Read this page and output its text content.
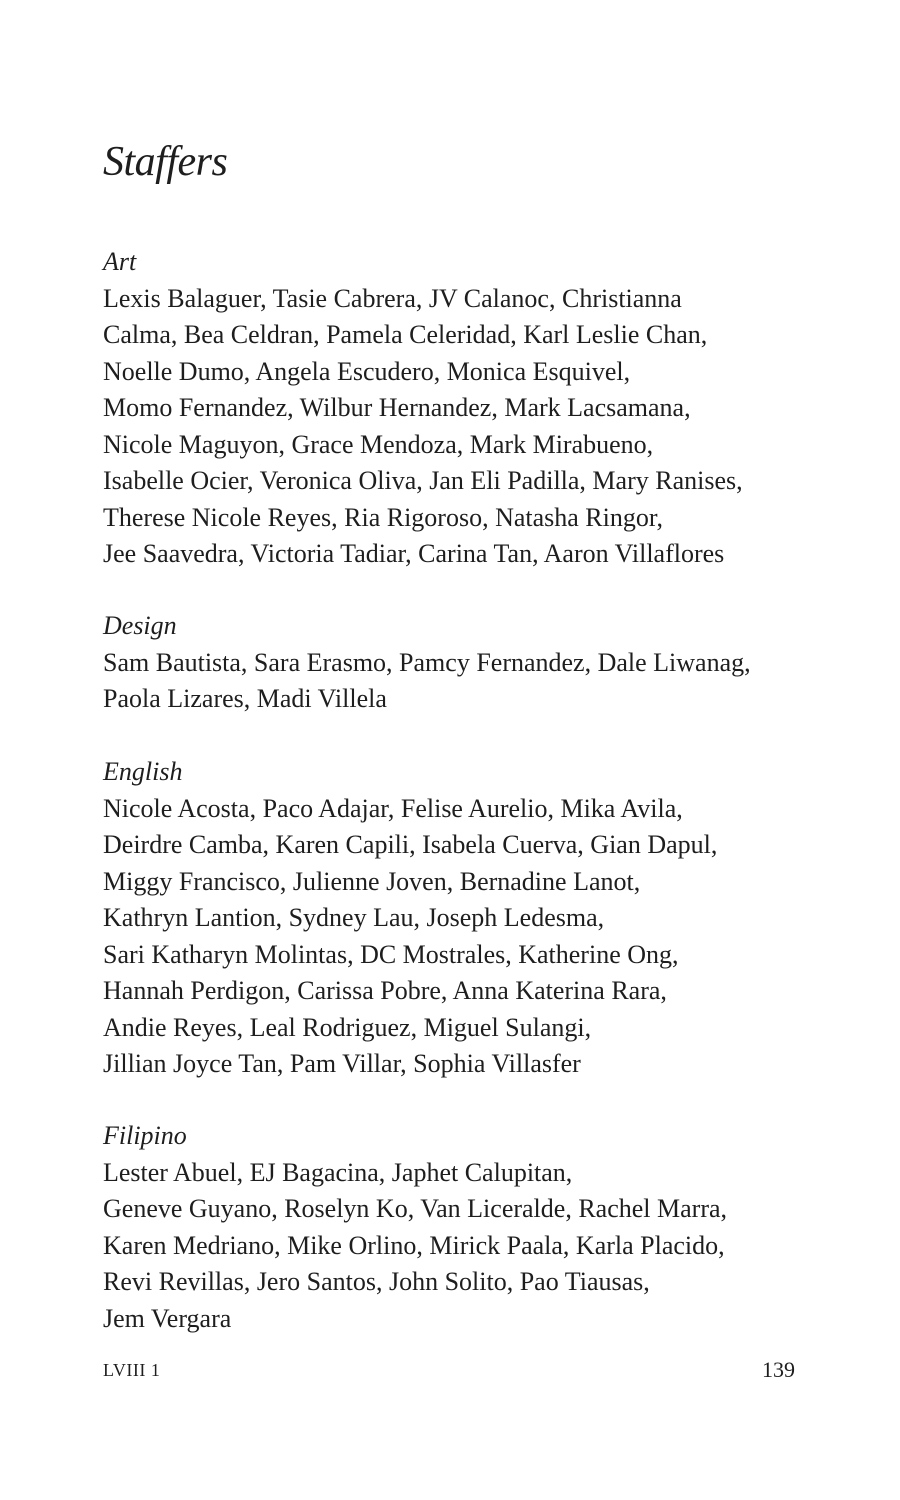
Staffers
Art
Lexis Balaguer, Tasie Cabrera, JV Calanoc, Christianna
Calma, Bea Celdran, Pamela Celeridad, Karl Leslie Chan,
Noelle Dumo, Angela Escudero, Monica Esquivel,
Momo Fernandez, Wilbur Hernandez, Mark Lacsamana,
Nicole Maguyon, Grace Mendoza, Mark Mirabueno,
Isabelle Ocier, Veronica Oliva, Jan Eli Padilla, Mary Ranises,
Therese Nicole Reyes, Ria Rigoroso, Natasha Ringor,
Jee Saavedra, Victoria Tadiar, Carina Tan, Aaron Villaflores
Design
Sam Bautista, Sara Erasmo, Pamcy Fernandez, Dale Liwanag,
Paola Lizares, Madi Villela
English
Nicole Acosta, Paco Adajar, Felise Aurelio, Mika Avila,
Deirdre Camba, Karen Capili, Isabela Cuerva, Gian Dapul,
Miggy Francisco, Julienne Joven, Bernadine Lanot,
Kathryn Lantion, Sydney Lau, Joseph Ledesma,
Sari Katharyn Molintas, DC Mostrales, Katherine Ong,
Hannah Perdigon, Carissa Pobre, Anna Katerina Rara,
Andie Reyes, Leal Rodriguez, Miguel Sulangi,
Jillian Joyce Tan, Pam Villar, Sophia Villasfer
Filipino
Lester Abuel, EJ Bagacina, Japhet Calupitan,
Geneve Guyano, Roselyn Ko, Van Liceralde, Rachel Marra,
Karen Medriano, Mike Orlino, Mirick Paala, Karla Placido,
Revi Revillas, Jero Santos, John Solito, Pao Tiausas,
Jem Vergara
LVIII 1	139
